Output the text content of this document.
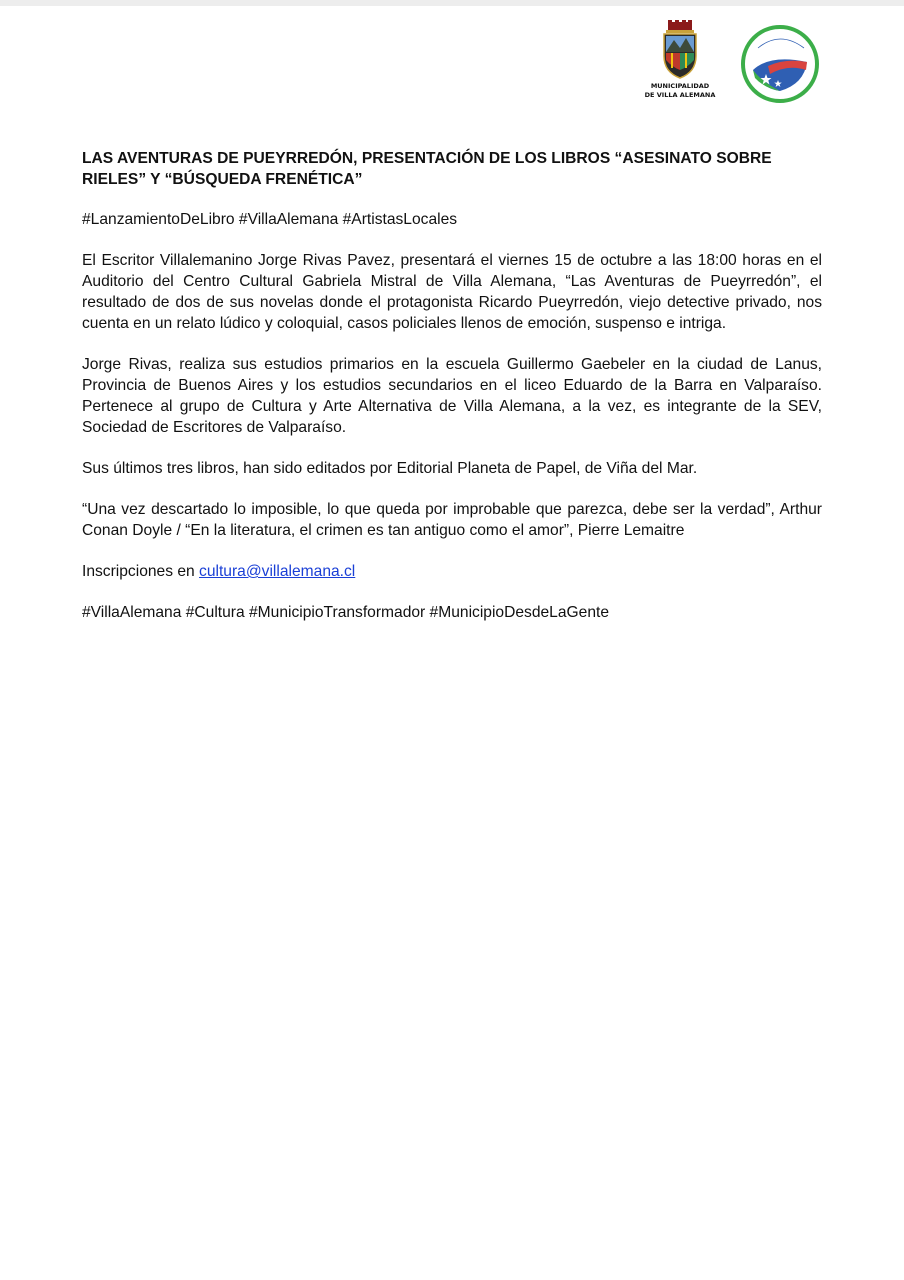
MUNICIPALIDAD
DE VILLA ALEMANA

LAS AVENTURAS DE PUEYRREDÓN, PRESENTACIÓN DE LOS LIBROS “ASESINATO SOBRE RIELES” Y “BÚSQUEDA FRENÉTICA”

#LanzamientoDeLibro #VillaAlemana #ArtistasLocales

El Escritor Villalemanino Jorge Rivas Pavez, presentará el viernes 15 de octubre a las 18:00 horas en el Auditorio del Centro Cultural Gabriela Mistral de Villa Alemana, “Las Aventuras de Pueyrredón”, el resultado de dos de sus novelas donde el protagonista Ricardo Pueyrredón, viejo detective privado, nos cuenta en un relato lúdico y coloquial, casos policiales llenos de emoción, suspenso e intriga.

Jorge Rivas, realiza sus estudios primarios en la escuela Guillermo Gaebeler en la ciudad de Lanus, Provincia de Buenos Aires y los estudios secundarios en el liceo Eduardo de la Barra en Valparaíso. Pertenece al grupo de Cultura y Arte Alternativa de Villa Alemana, a la vez, es integrante de la SEV, Sociedad de Escritores de Valparaíso.

Sus últimos tres libros, han sido editados por Editorial Planeta de Papel, de Viña del Mar.

“Una vez descartado lo imposible, lo que queda por improbable que parezca, debe ser la verdad”, Arthur Conan Doyle / “En la literatura, el crimen es tan antiguo como el amor”, Pierre Lemaitre

Inscripciones en cultura@villalemana.cl

#VillaAlemana #Cultura #MunicipioTransformador #MunicipioDesdeLaGente
